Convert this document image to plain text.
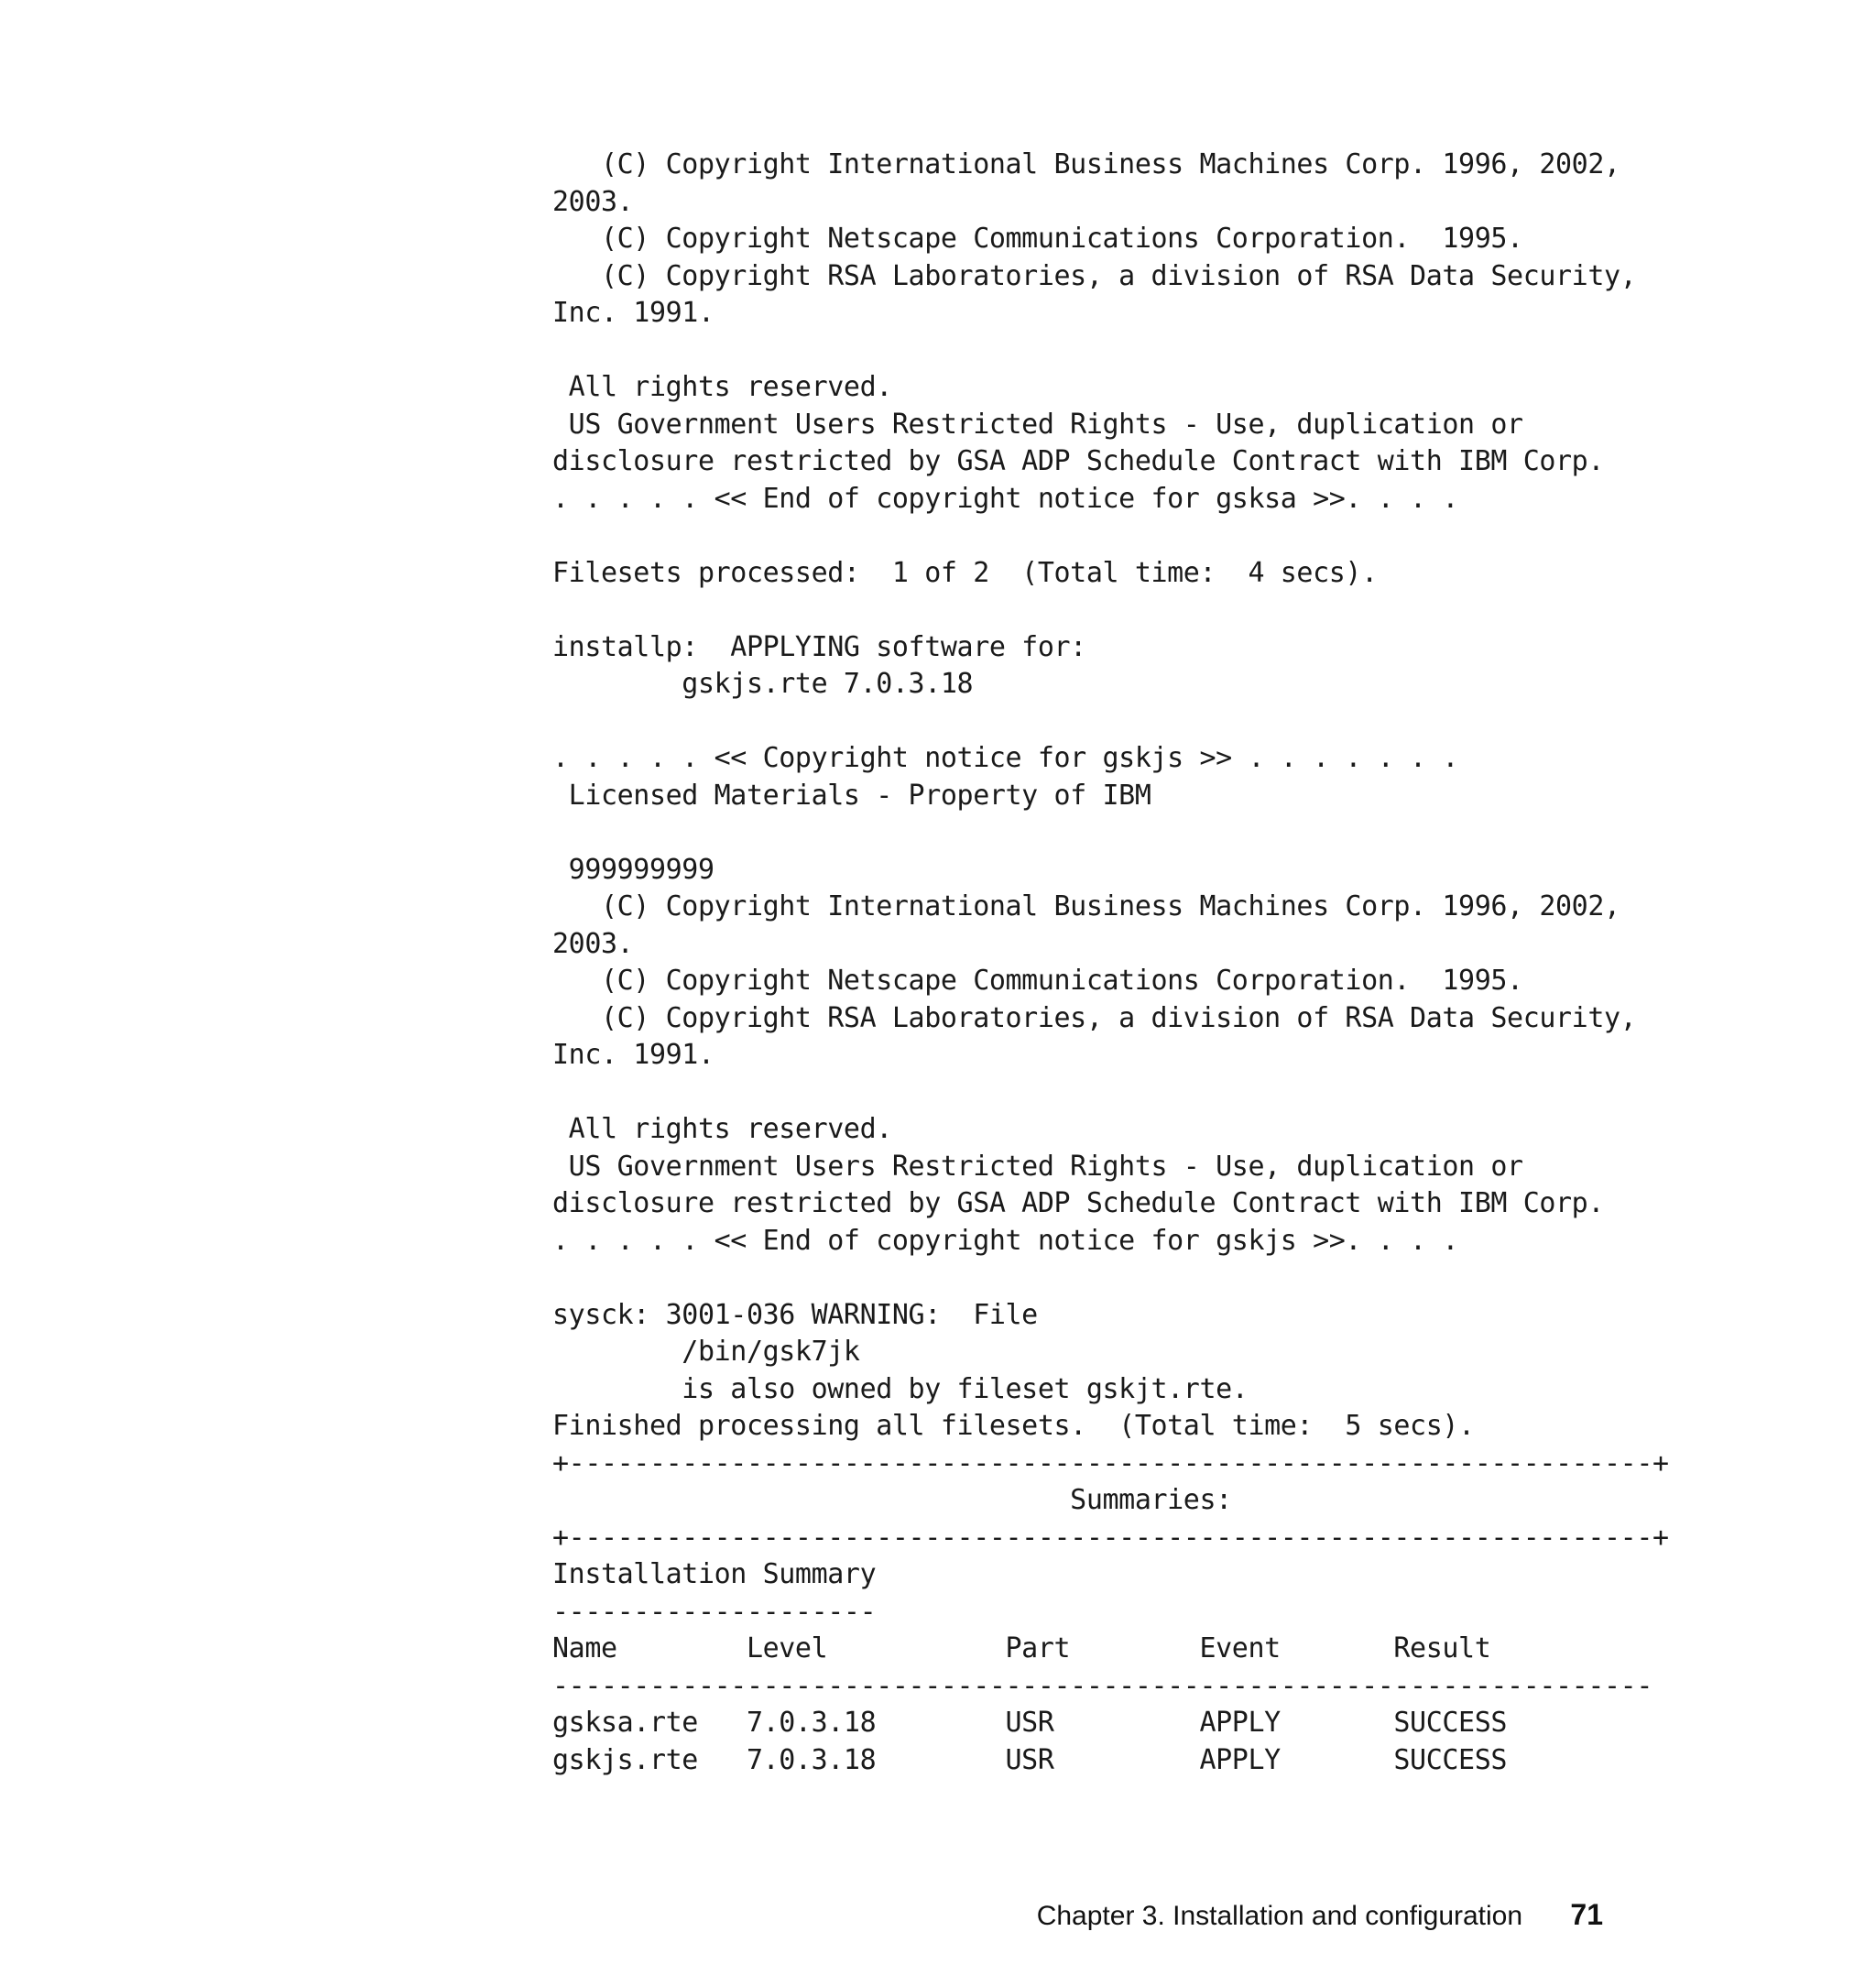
(C) Copyright International Business Machines Corp. 1996, 2002,
2003.
(C) Copyright Netscape Communications Corporation.  1995.
(C) Copyright RSA Laboratories, a division of RSA Data Security,
Inc. 1991.
All rights reserved.
US Government Users Restricted Rights - Use, duplication or
disclosure restricted by GSA ADP Schedule Contract with IBM Corp.
. . . . . << End of copyright notice for gsksa >>. . . .
Filesets processed:  1 of 2  (Total time:  4 secs).
installp:  APPLYING software for:
gskjs.rte 7.0.3.18
. . . . . << Copyright notice for gskjs >> . . . . . . .
Licensed Materials - Property of IBM
999999999
(C) Copyright International Business Machines Corp. 1996, 2002,
2003.
(C) Copyright Netscape Communications Corporation.  1995.
(C) Copyright RSA Laboratories, a division of RSA Data Security,
Inc. 1991.
All rights reserved.
US Government Users Restricted Rights - Use, duplication or
disclosure restricted by GSA ADP Schedule Contract with IBM Corp.
. . . . . << End of copyright notice for gskjs >>. . . .
sysck: 3001-036 WARNING:  File
/bin/gsk7jk
is also owned by fileset gskjt.rte.
Finished processing all filesets.  (Total time:  5 secs).
+-------------------------------------------------------------------+
Summaries:
+-------------------------------------------------------------------+
Installation Summary
--------------------
Name        Level           Part        Event       Result
--------------------------------------------------------------------
gsksa.rte   7.0.3.18        USR         APPLY       SUCCESS
gskjs.rte   7.0.3.18        USR         APPLY       SUCCESS
Chapter 3. Installation and configuration 71
